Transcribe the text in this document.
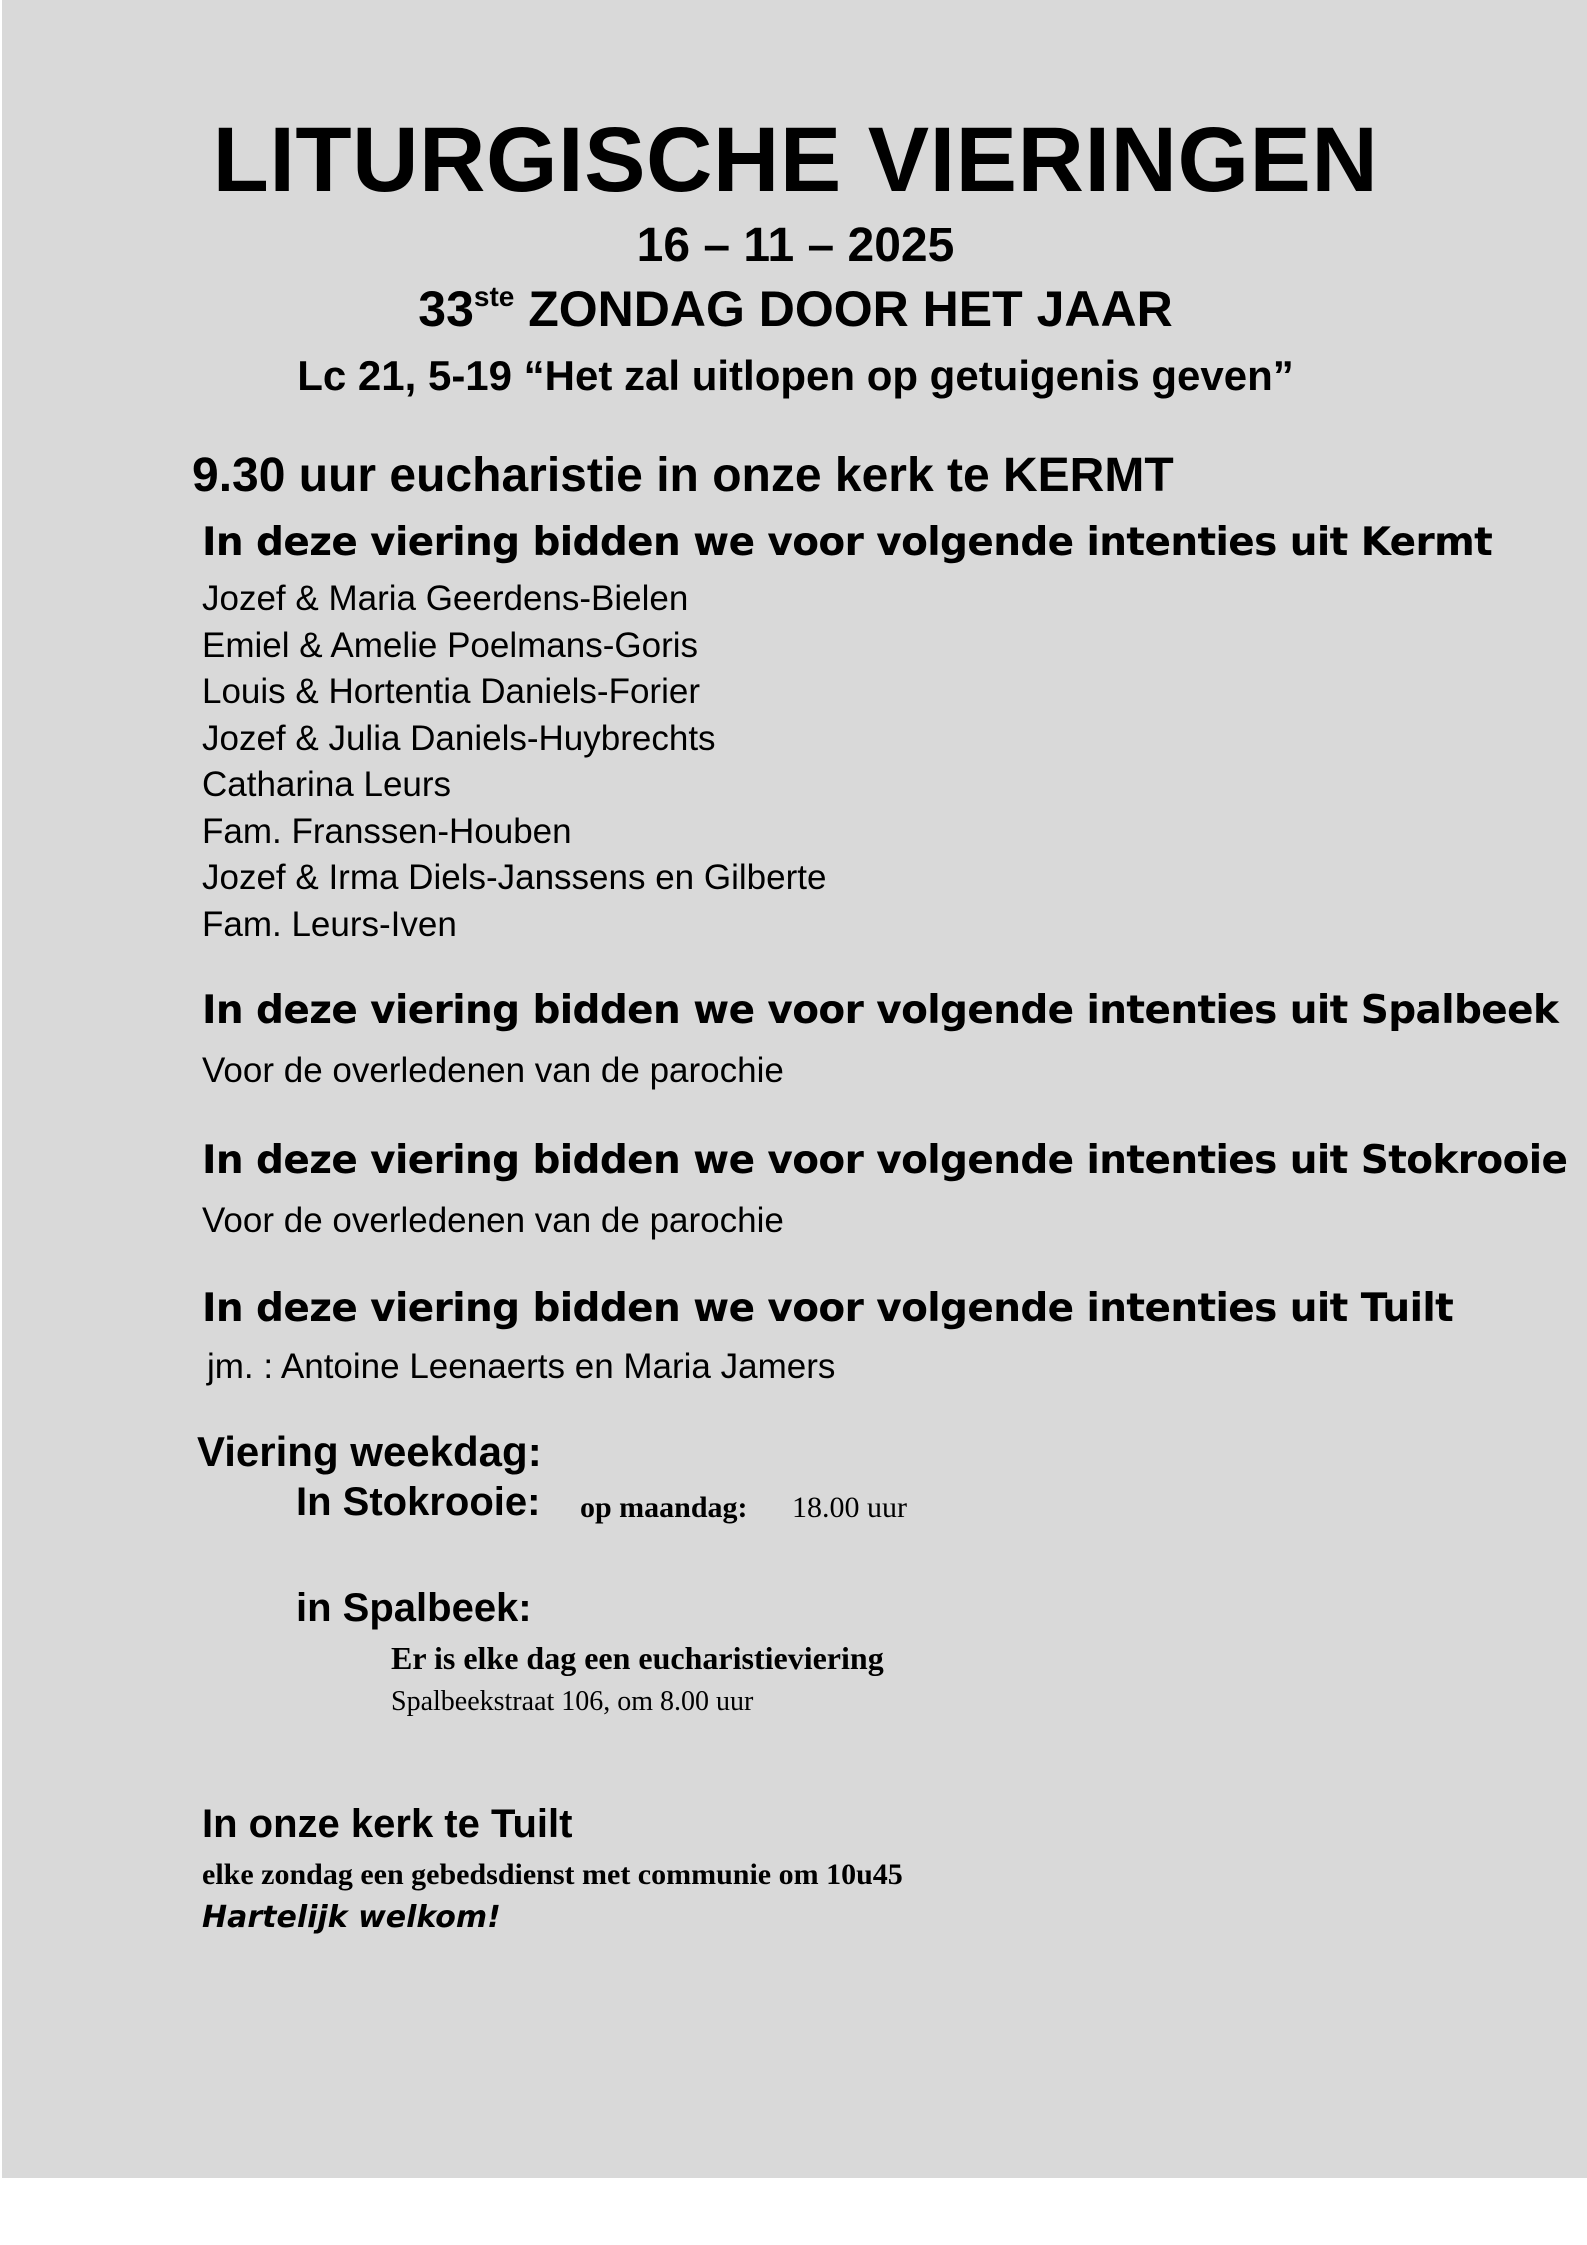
LITURGISCHE VIERINGEN
16 – 11 – 2025
33ste ZONDAG DOOR HET JAAR
Lc 21, 5-19 “Het zal uitlopen op getuigenis geven”
9.30 uur eucharistie in onze kerk te KERMT
In deze viering bidden we voor volgende intenties uit Kermt
Jozef & Maria Geerdens-Bielen
Emiel & Amelie Poelmans-Goris
Louis & Hortentia Daniels-Forier
Jozef & Julia Daniels-Huybrechts
Catharina Leurs
Fam. Franssen-Houben
Jozef & Irma Diels-Janssens en Gilberte
Fam. Leurs-Iven
In deze viering bidden we voor volgende intenties uit Spalbeek
Voor de overledenen van de parochie
In deze viering bidden we voor volgende intenties uit Stokrooie
Voor de overledenen van de parochie
In deze viering bidden we voor volgende intenties uit Tuilt
jm. : Antoine Leenaerts en Maria Jamers
Viering weekdag:
In Stokrooie: op maandag: 18.00 uur
in Spalbeek:
Er is elke dag een eucharistieviering
Spalbeekstraat 106, om 8.00 uur
In onze kerk te Tuilt
elke zondag een gebedsdienst met communie om 10u45
Hartelijk welkom!
